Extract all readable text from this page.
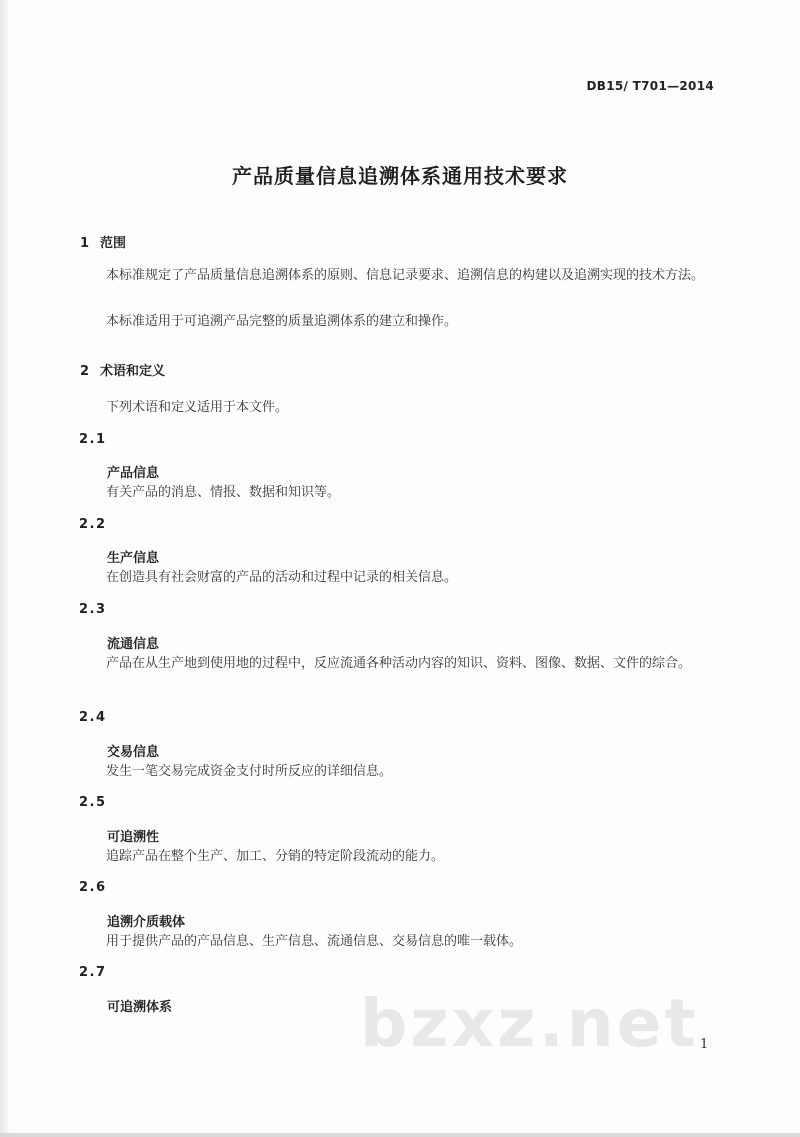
DB15/ T701—2014
产品质量信息追溯体系通用技术要求
1 范围
本标准规定了产品质量信息追溯体系的原则、信息记录要求、追溯信息的构建以及追溯实现的技术方法。
本标准适用于可追溯产品完整的质量追溯体系的建立和操作。
2 术语和定义
下列术语和定义适用于本文件。
2.1
产品信息
有关产品的消息、情报、数据和知识等。
2.2
生产信息
在创造具有社会财富的产品的活动和过程中记录的相关信息。
2.3
流通信息
产品在从生产地到使用地的过程中，反应流通各种活动内容的知识、资料、图像、数据、文件的综合。
2.4
交易信息
发生一笔交易完成资金支付时所反应的详细信息。
2.5
可追溯性
追踪产品在整个生产、加工、分销的特定阶段流动的能力。
2.6
追溯介质载体
用于提供产品的产品信息、生产信息、流通信息、交易信息的唯一载体。
2.7
可追溯体系	bzxz.net 1
